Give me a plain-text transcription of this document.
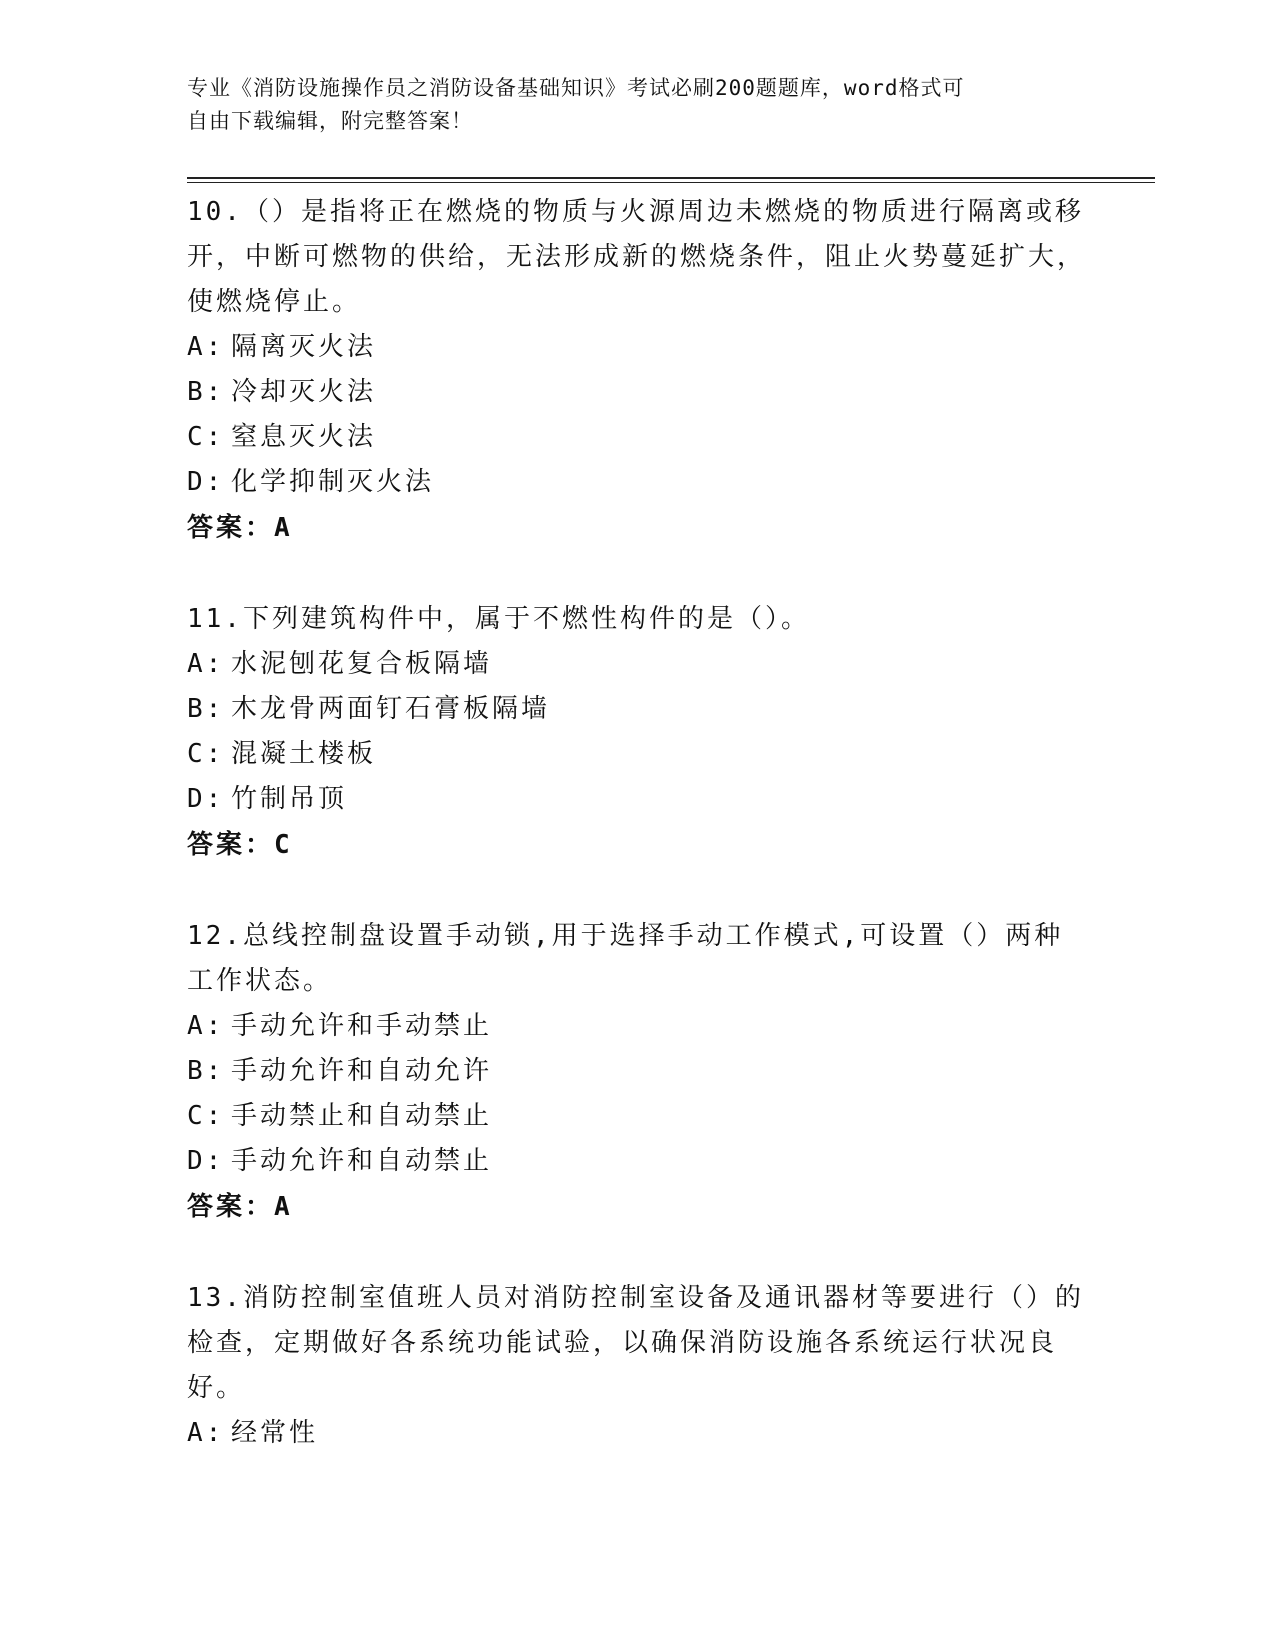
专业《消防设施操作员之消防设备基础知识》考试必刷200题题库，word格式可
自由下载编辑，附完整答案！

10.（）是指将正在燃烧的物质与火源周边未燃烧的物质进行隔离或移开，中断可燃物的供给，无法形成新的燃烧条件，阻止火势蔓延扩大，使燃烧停止。

A: 隔离灭火法

B: 冷却灭火法

C: 窒息灭火法

D: 化学抑制灭火法

答案：A

11.下列建筑构件中，属于不燃性构件的是（）。

A: 水泥刨花复合板隔墙

B: 木龙骨两面钉石膏板隔墙

C: 混凝土楼板

D: 竹制吊顶

答案：C

12.总线控制盘设置手动锁,用于选择手动工作模式,可设置（）两种工作状态。

A: 手动允许和手动禁止

B: 手动允许和自动允许

C: 手动禁止和自动禁止

D: 手动允许和自动禁止

答案：A

13.消防控制室值班人员对消防控制室设备及通讯器材等要进行（）的检查，定期做好各系统功能试验，以确保消防设施各系统运行状况良好。

A: 经常性
